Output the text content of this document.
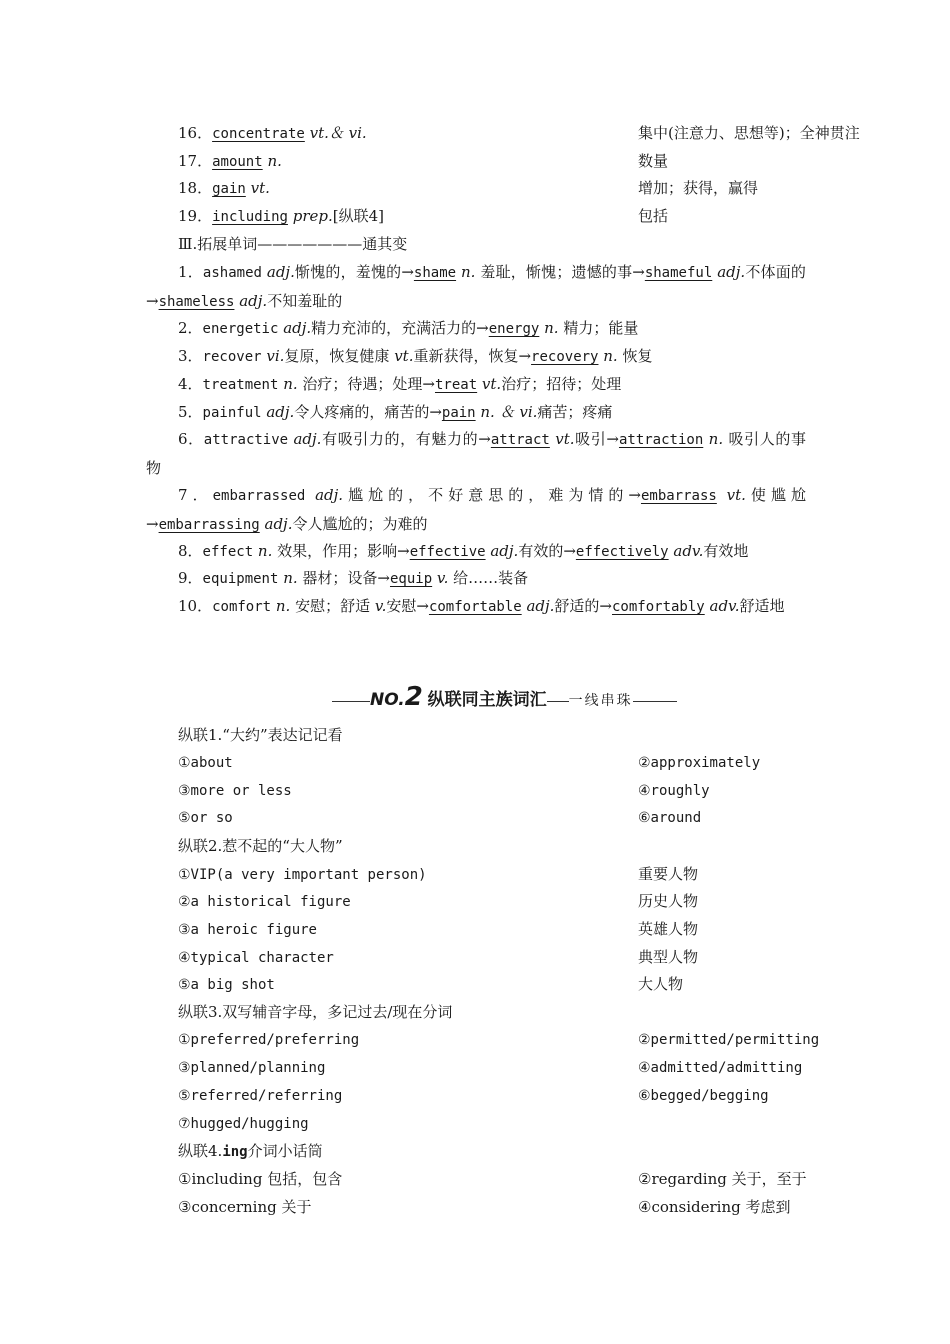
16．concentrate vt.＆ vi.	集中(注意力、思想等)；全神贯注
17．amount n.	数量
18．gain vt.	增加；获得，赢得
19．including prep.[纵联4]	包括
Ⅲ.拓展单词———————通其变
1．ashamed adj.惭愧的，羞愧的→shame n. 羞耻，惭愧；遗憾的事→shameful adj.不体面的→shameless adj.不知羞耻的
2．energetic adj.精力充沛的，充满活力的→energy n. 精力；能量
3．recover vi.复原，恢复健康 vt.重新获得，恢复→recovery n. 恢复
4．treatment n. 治疗；待遇；处理→treat vt.治疗；招待；处理
5．painful adj.令人疼痛的，痛苦的→pain n. ＆ vi.痛苦；疼痛
6．attractive adj.有吸引力的，有魅力的→attract vt.吸引→attraction n. 吸引人的事物
7．embarrassed adj.尴尬的，不好意思的，难为情的→embarrass vt.使尴尬→embarrassing adj.令人尴尬的；为难的
8．effect n. 效果，作用；影响→effective adj.有效的→effectively adv.有效地
9．equipment n. 器材；设备→equip v. 给……装备
10．comfort n. 安慰；舒适 v.安慰→comfortable adj.舒适的→comfortably adv.舒适地
NO.2 纵联同主族词汇 一线串珠
纵联1.“大约”表达记记看
①about	②approximately
③more or less	④roughly
⑤or so	⑥around
纵联2.惹不起的“大人物”
①VIP(a very important person)	重要人物
②a historical figure	历史人物
③a heroic figure	英雄人物
④typical character	典型人物
⑤a big shot	大人物
纵联3.双写辅音字母，多记过去/现在分词
①preferred/preferring	②permitted/permitting
③planned/planning	④admitted/admitting
⑤referred/referring	⑥begged/begging
⑦hugged/hugging
纵联4.ing介词小话筒
①including 包括，包含	②regarding 关于，至于
③concerning 关于	④considering 考虑到
